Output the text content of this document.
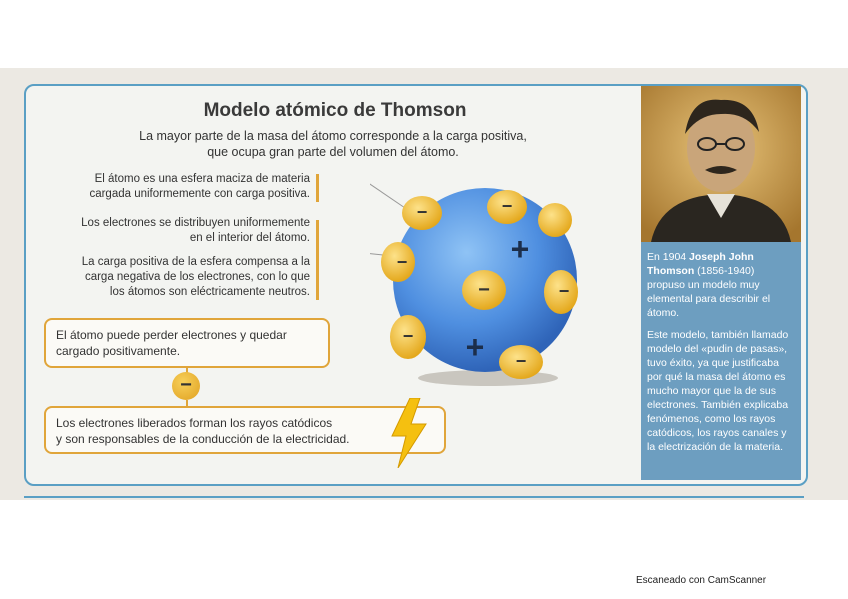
Modelo atómico de Thomson
La mayor parte de la masa del átomo corresponde a la carga positiva,
que ocupa gran parte del volumen del átomo.
El átomo es una esfera maciza de materia
cargada uniformemente con carga positiva.
Los electrones se distribuyen uniformemente
en el interior del átomo.
La carga positiva de la esfera compensa a la
carga negativa de los electrones, con lo que
los átomos son eléctricamente neutros.
El átomo puede perder electrones y quedar
cargado positivamente.
−
Los electrones liberados forman los rayos catódicos
y son responsables de la conducción de la electricidad.
−	−
−
−	−
−
−
+
+

En 1904 Joseph John Thomson (1856-1940) propuso un modelo muy elemental para describir el átomo.

Este modelo, también llamado modelo del «pudin de pasas», tuvo éxito, ya que justificaba por qué la masa del átomo es mucho mayor que la de sus electrones. También explicaba fenómenos, como los rayos catódicos, los rayos canales y la electrización de la materia.

Escaneado con CamScanner
